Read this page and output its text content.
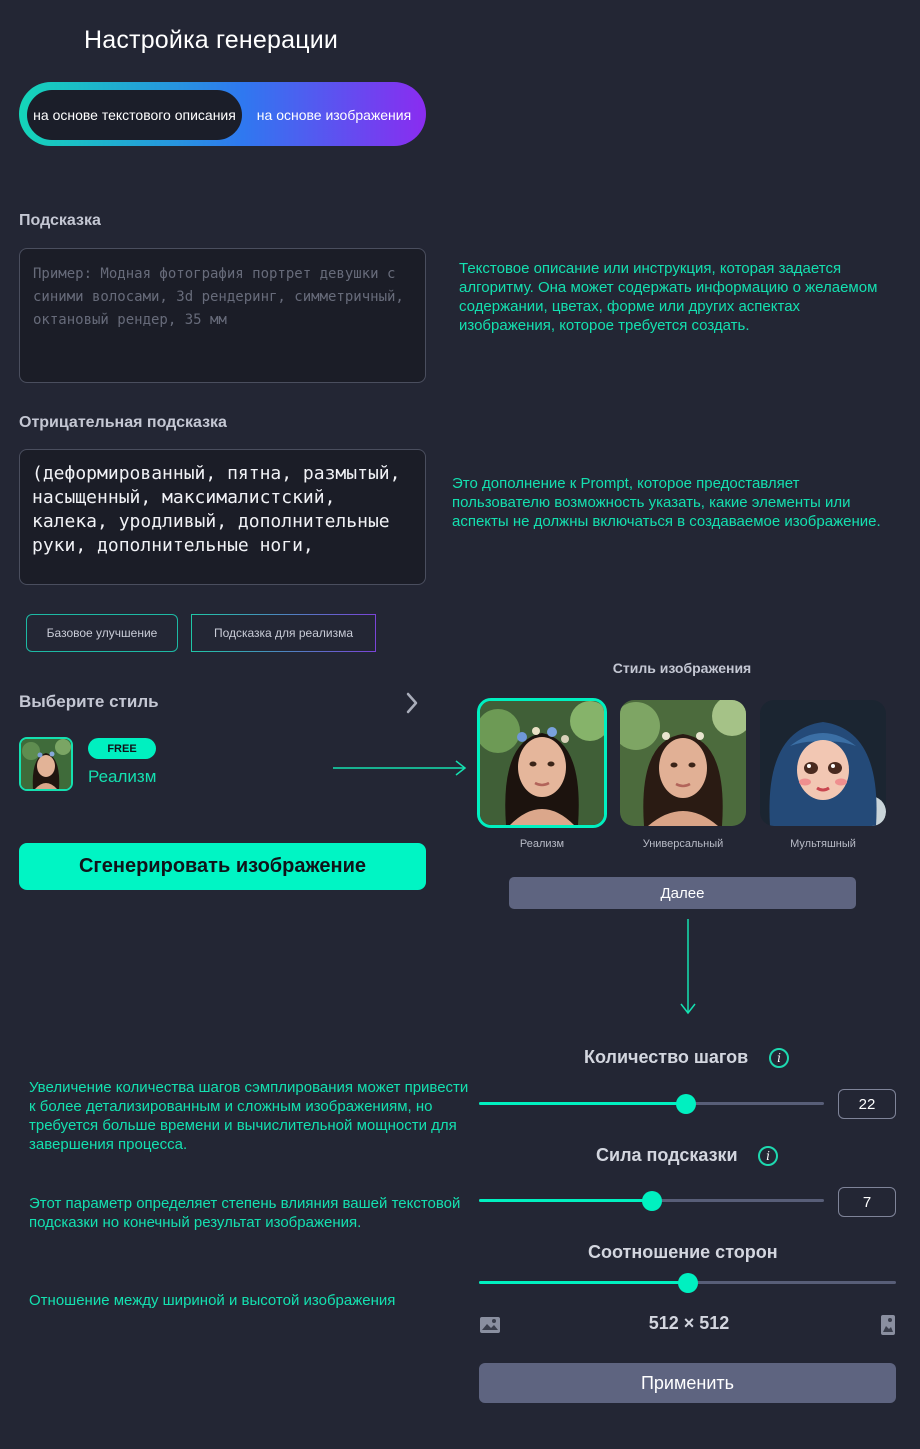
Настройка генерации
на основе текстового описания	на основе изображения
Подсказка
Пример: Модная фотография портрет девушки с синими волосами, 3d рендеринг, симметричный, октановый рендер, 35 мм
Текстовое описание или инструкция, которая задается алгоритму. Она может содержать информацию о желаемом содержании, цветах, форме или других аспектах изображения, которое требуется создать.
Отрицательная подсказка
(деформированный, пятна, размытый, насыщенный, максималистский, калека, уродливый, дополнительные руки, дополнительные ноги,
Это дополнение к Prompt, которое предоставляет пользователю возможность указать, какие элементы или аспекты не должны включаться в создаваемое изображение.
Базовое улучшение	Подсказка для реализма
Выберите стиль
FREE
Реализм
Сгенерировать изображение
Стиль изображения
Реализм	Универсальный	Мультяшный
Далее
Количество шагов	i
Увеличение количества шагов сэмплирования может привести к более детализированным и сложным изображениям, но требуется больше времени и вычислительной мощности для завершения процесса.
22
Сила подсказки	i
Этот параметр определяет степень влияния вашей текстовой подсказки но конечный результат изображения.
7
Соотношение сторон
Отношение между шириной и высотой изображения
512 × 512
Применить
